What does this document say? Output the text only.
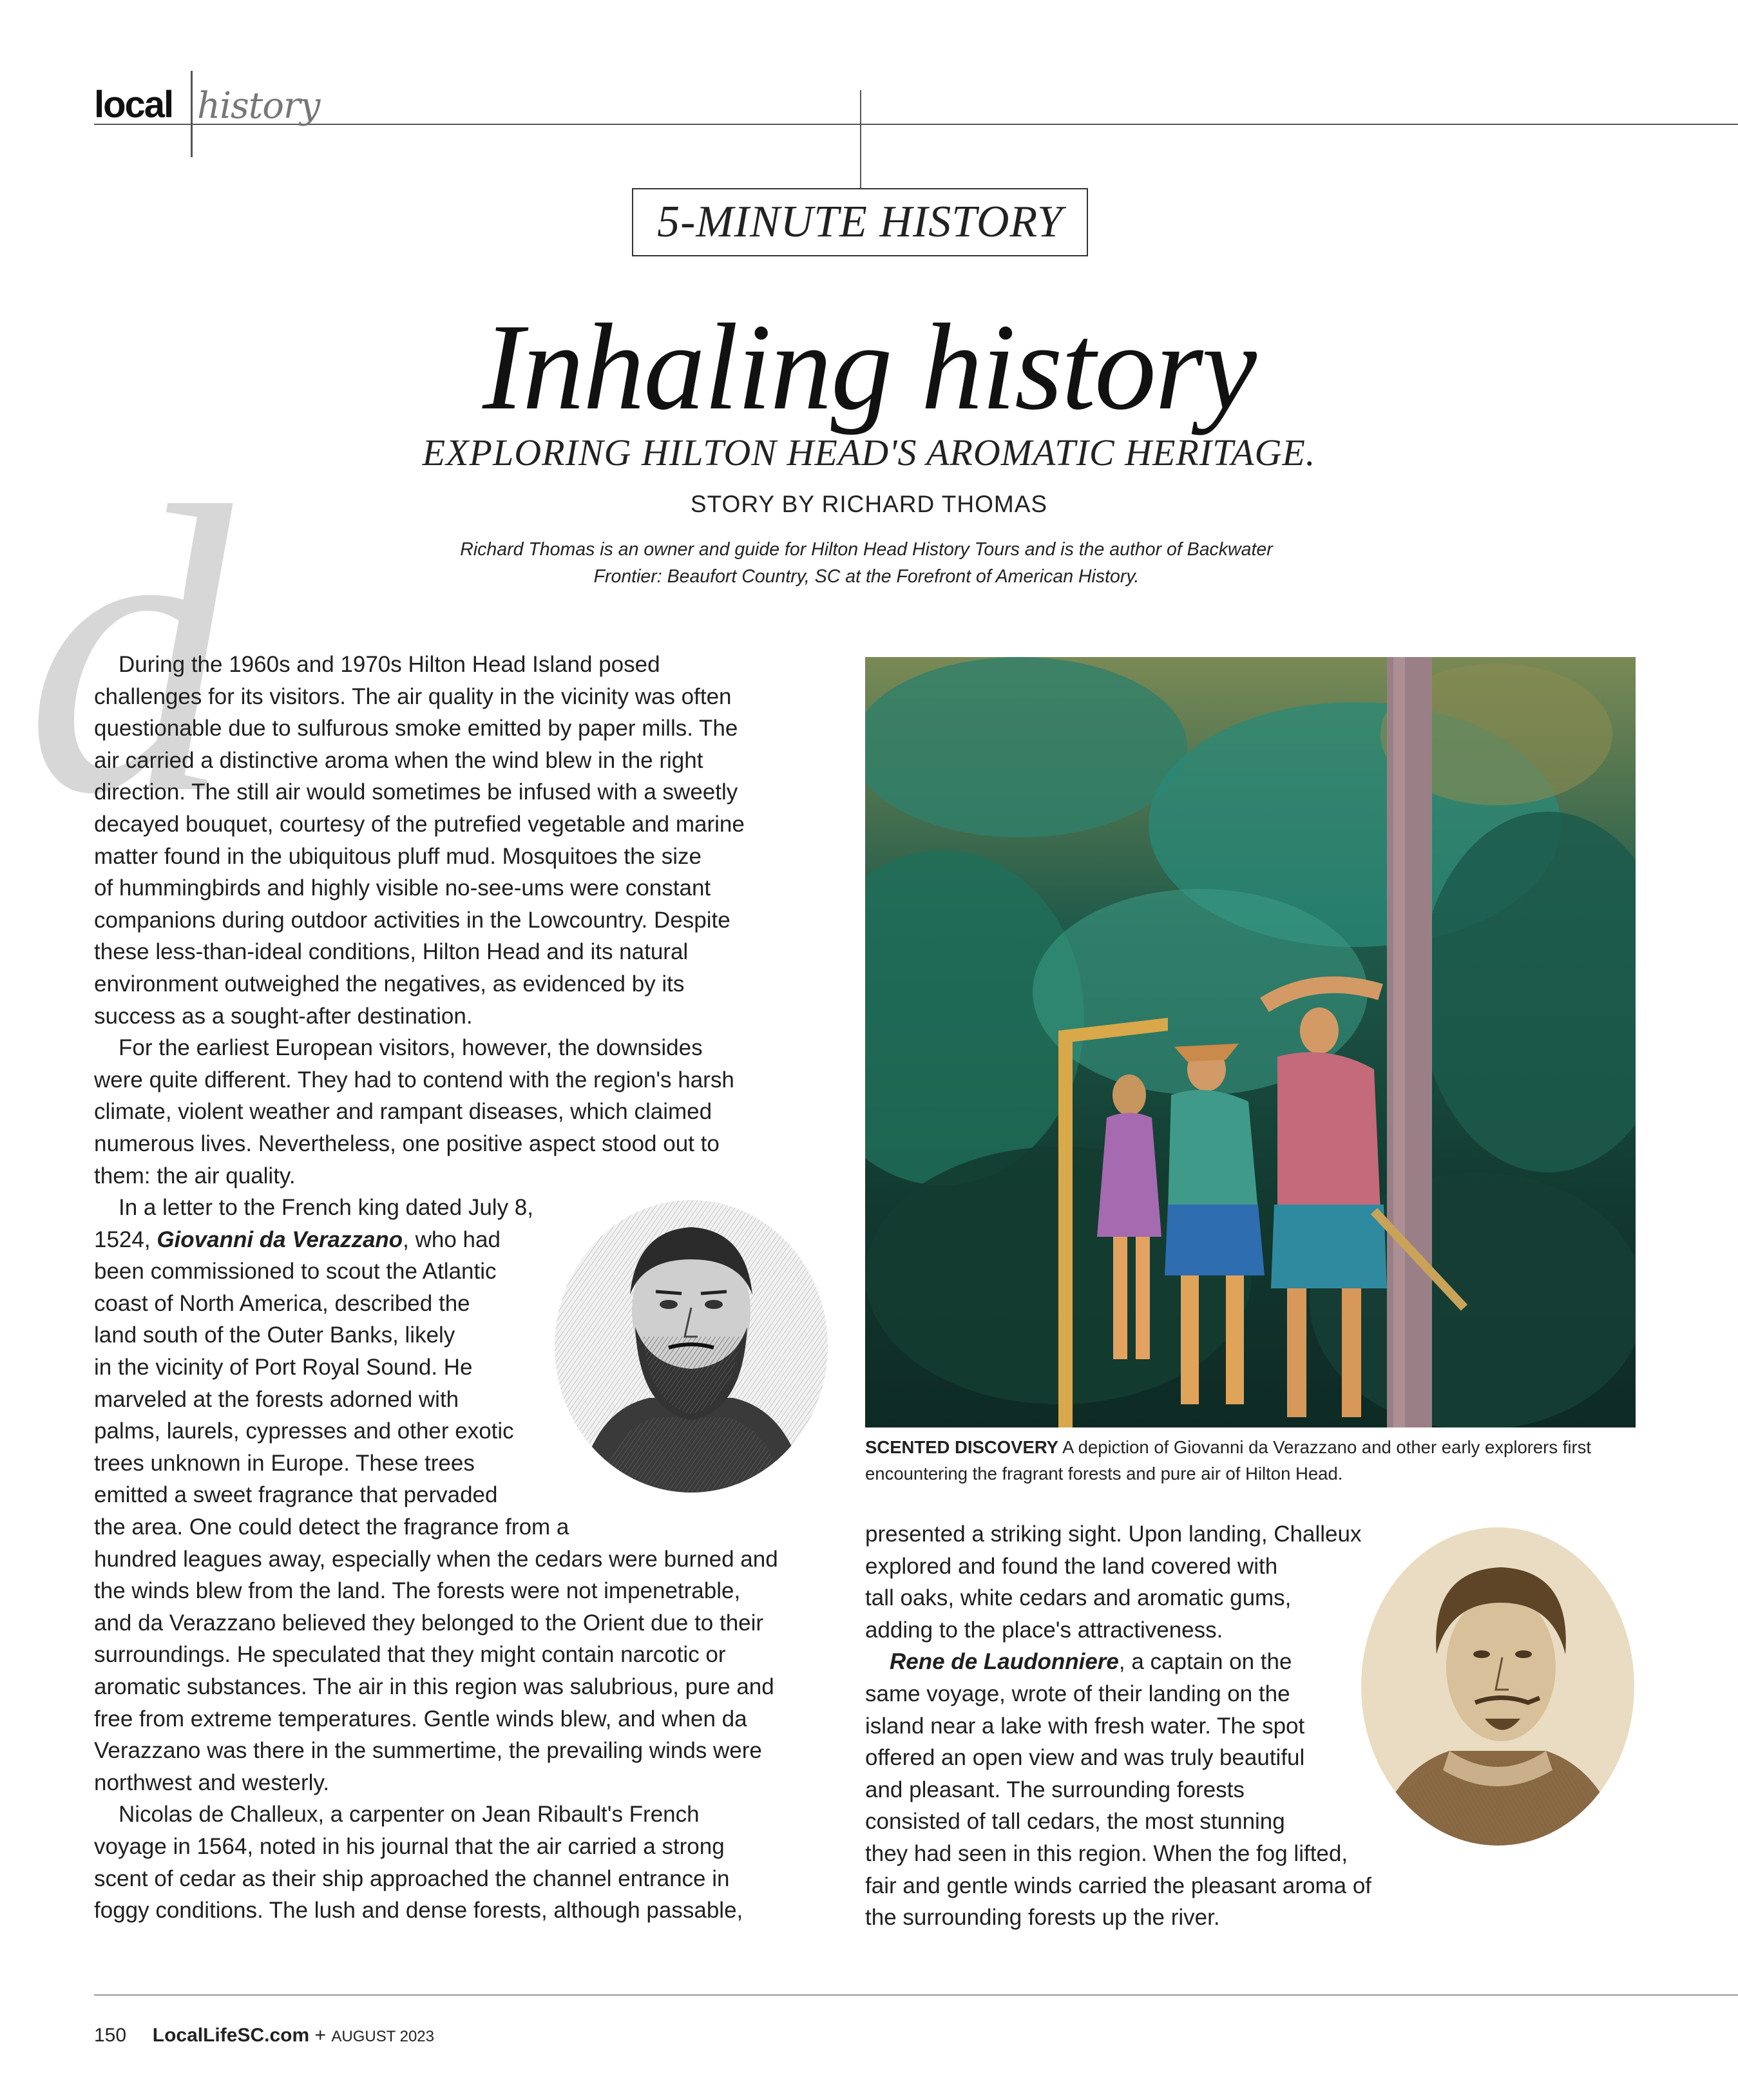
local history
5-MINUTE HISTORY
Inhaling history
EXPLORING HILTON HEAD'S AROMATIC HERITAGE.
STORY BY RICHARD THOMAS
Richard Thomas is an owner and guide for Hilton Head History Tours and is the author of Backwater
Frontier: Beaufort Country, SC at the Forefront of American History.
d
During the 1960s and 1970s Hilton Head Island posed
challenges for its visitors. The air quality in the vicinity was often
questionable due to sulfurous smoke emitted by paper mills. The
air carried a distinctive aroma when the wind blew in the right
direction. The still air would sometimes be infused with a sweetly
decayed bouquet, courtesy of the putrefied vegetable and marine
matter found in the ubiquitous pluff mud. Mosquitoes the size
of hummingbirds and highly visible no-see-ums were constant
companions during outdoor activities in the Lowcountry. Despite
these less-than-ideal conditions, Hilton Head and its natural
environment outweighed the negatives, as evidenced by its
success as a sought-after destination.
For the earliest European visitors, however, the downsides
were quite different. They had to contend with the region's harsh
climate, violent weather and rampant diseases, which claimed
numerous lives. Nevertheless, one positive aspect stood out to
them: the air quality.
In a letter to the French king dated July 8,
1524, Giovanni da Verazzano, who had
been commissioned to scout the Atlantic
coast of North America, described the
land south of the Outer Banks, likely
in the vicinity of Port Royal Sound. He
marveled at the forests adorned with
palms, laurels, cypresses and other exotic
trees unknown in Europe. These trees
emitted a sweet fragrance that pervaded
the area. One could detect the fragrance from a
hundred leagues away, especially when the cedars were burned and
the winds blew from the land. The forests were not impenetrable,
and da Verazzano believed they belonged to the Orient due to their
surroundings. He speculated that they might contain narcotic or
aromatic substances. The air in this region was salubrious, pure and
free from extreme temperatures. Gentle winds blew, and when da
Verazzano was there in the summertime, the prevailing winds were
northwest and westerly.
Nicolas de Challeux, a carpenter on Jean Ribault's French
voyage in 1564, noted in his journal that the air carried a strong
scent of cedar as their ship approached the channel entrance in
foggy conditions. The lush and dense forests, although passable,
SCENTED DISCOVERY A depiction of Giovanni da Verazzano and other early explorers first
encountering the fragrant forests and pure air of Hilton Head.
presented a striking sight. Upon landing, Challeux
explored and found the land covered with
tall oaks, white cedars and aromatic gums,
adding to the place's attractiveness.
Rene de Laudonniere, a captain on the
same voyage, wrote of their landing on the
island near a lake with fresh water. The spot
offered an open view and was truly beautiful
and pleasant. The surrounding forests
consisted of tall cedars, the most stunning
they had seen in this region. When the fog lifted,
fair and gentle winds carried the pleasant aroma of
the surrounding forests up the river.
150 LocalLifeSC.com + AUGUST 2023
